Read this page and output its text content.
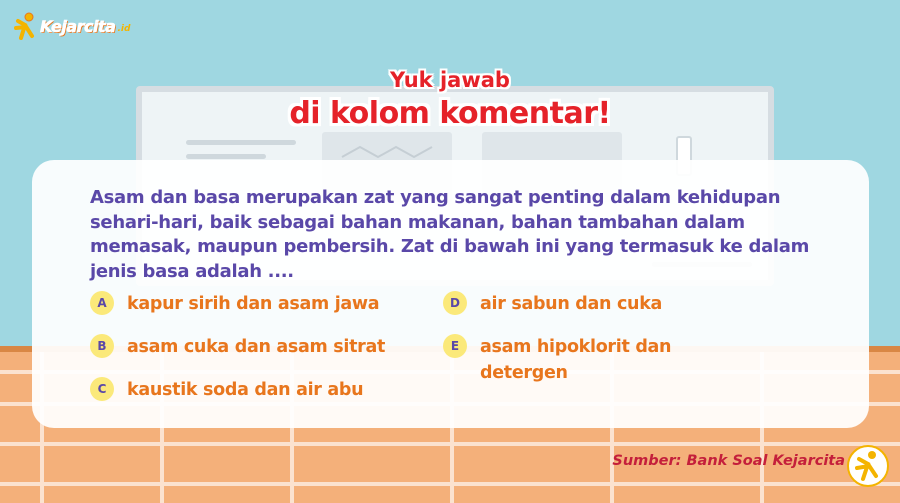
Kejarcita .id
Yuk jawab
di kolom komentar!
Asam dan basa merupakan zat yang sangat penting dalam kehidupan sehari-hari, baik sebagai bahan makanan, bahan tambahan dalam memasak, maupun pembersih. Zat di bawah ini yang termasuk ke dalam jenis basa adalah ....
A	kapur sirih dan asam jawa
B	asam cuka dan asam sitrat
C	kaustik soda dan air abu
D	air sabun dan cuka
E	asam hipoklorit dan detergen
Sumber: Bank Soal Kejarcita
